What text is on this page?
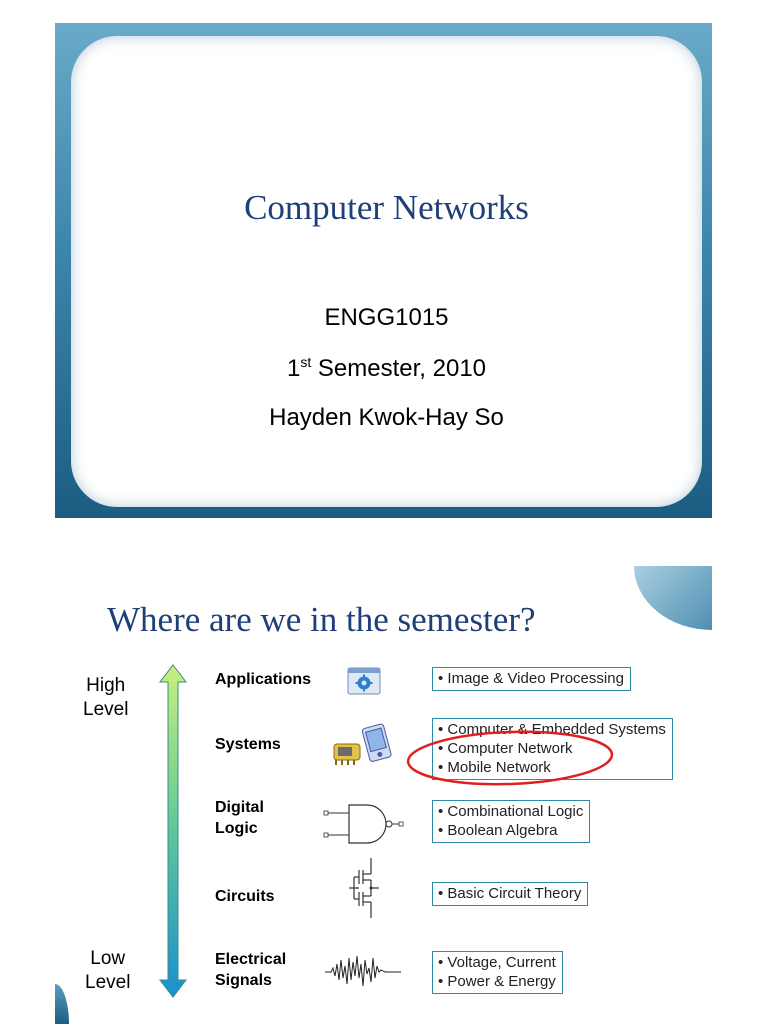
Computer Networks
ENGG1015
1st Semester, 2010
Hayden Kwok-Hay So
Where are we in the semester?
High
Level
Low
Level
Applications	• Image & Video Processing
Systems
• Computer & Embedded Systems
• Computer Network
• Mobile Network
Digital
Logic
• Combinational Logic
• Boolean Algebra
Circuits	• Basic Circuit Theory
Electrical
Signals
• Voltage, Current
• Power & Energy
